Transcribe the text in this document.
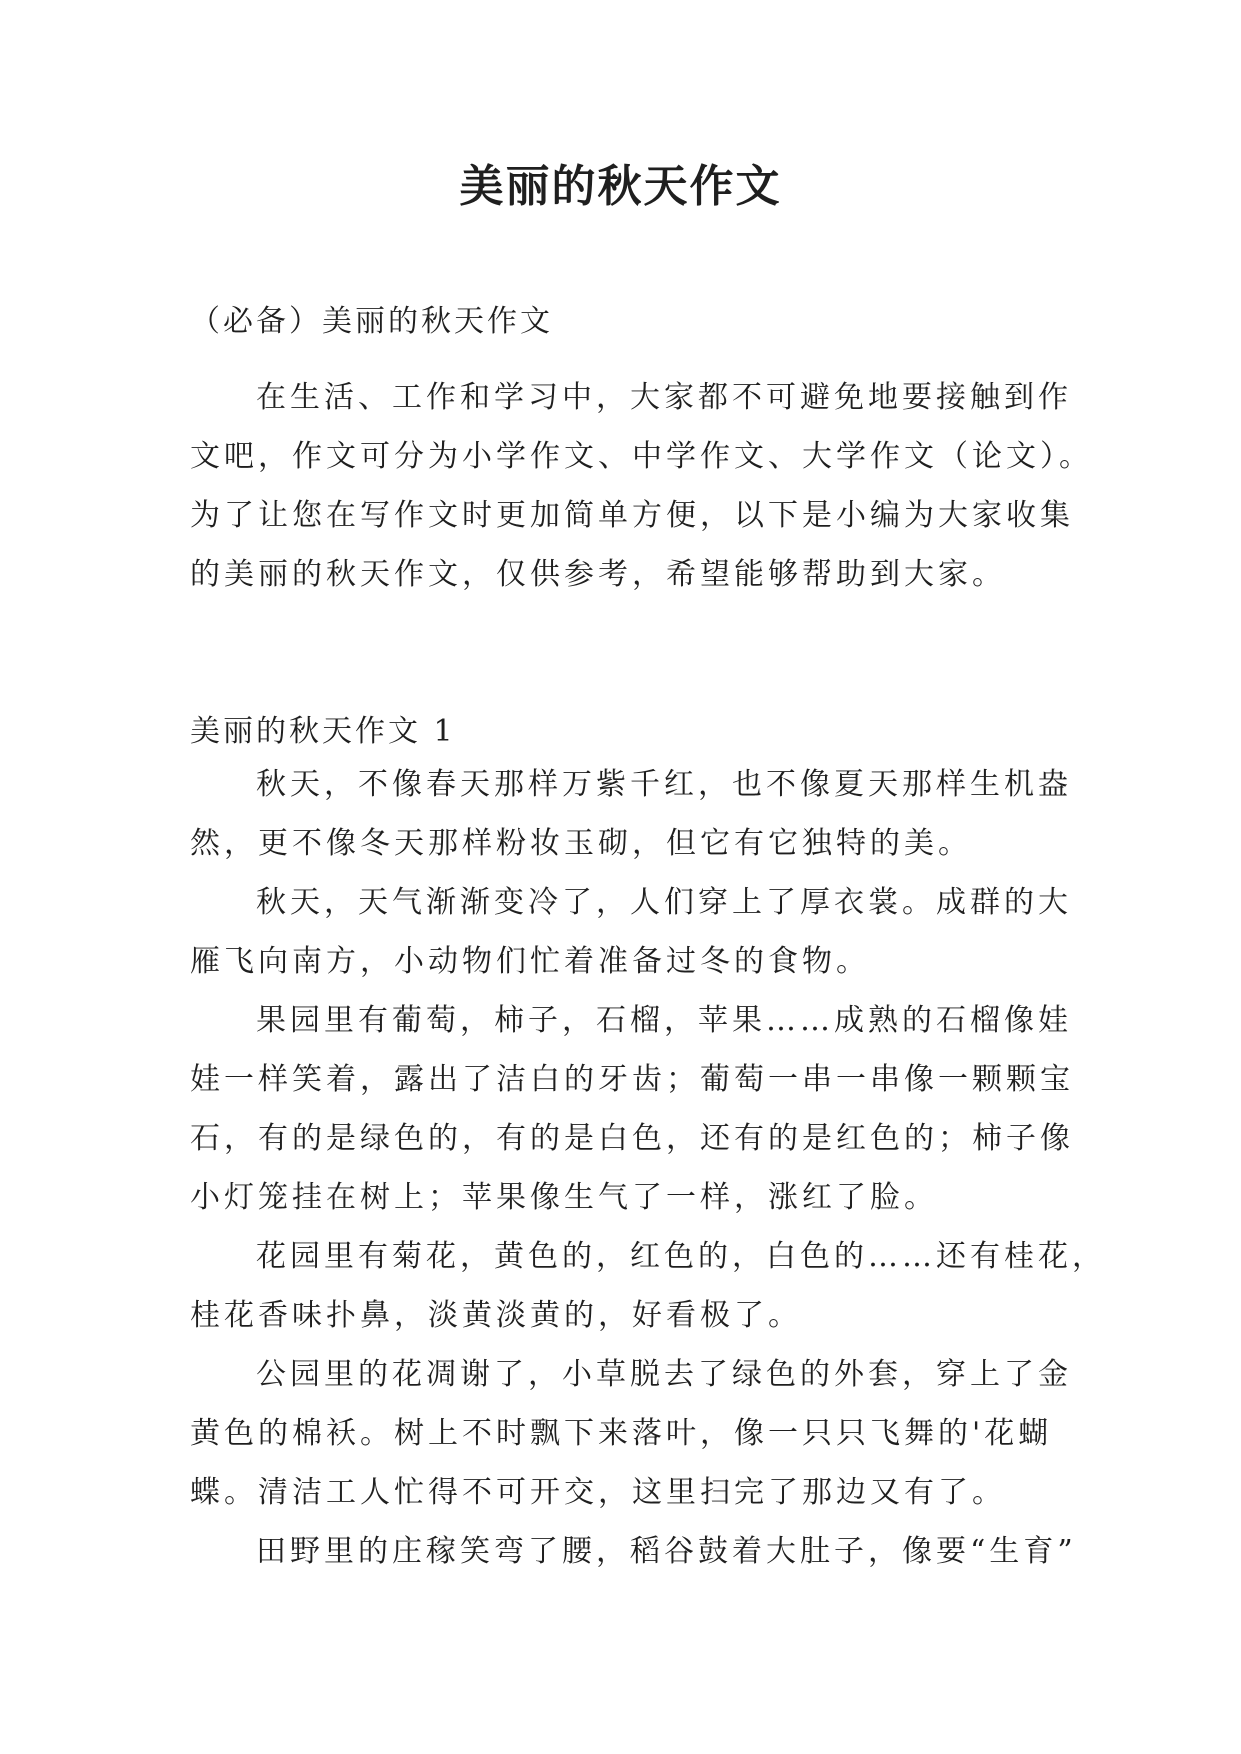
美丽的秋天作文
（必备）美丽的秋天作文
在生活、工作和学习中，大家都不可避免地要接触到作
文吧，作文可分为小学作文、中学作文、大学作文（论文）。
为了让您在写作文时更加简单方便，以下是小编为大家收集
的美丽的秋天作文，仅供参考，希望能够帮助到大家。
美丽的秋天作文 1
秋天，不像春天那样万紫千红，也不像夏天那样生机盎
然，更不像冬天那样粉妆玉砌，但它有它独特的美。
秋天，天气渐渐变冷了，人们穿上了厚衣裳。成群的大
雁飞向南方，小动物们忙着准备过冬的食物。
果园里有葡萄，柿子，石榴，苹果……成熟的石榴像娃
娃一样笑着，露出了洁白的牙齿；葡萄一串一串像一颗颗宝
石，有的是绿色的，有的是白色，还有的是红色的；柿子像
小灯笼挂在树上；苹果像生气了一样，涨红了脸。
花园里有菊花，黄色的，红色的，白色的……还有桂花，
桂花香味扑鼻，淡黄淡黄的，好看极了。
公园里的花凋谢了，小草脱去了绿色的外套，穿上了金
黄色的棉袄。树上不时飘下来落叶，像一只只飞舞的'花蝴
蝶。清洁工人忙得不可开交，这里扫完了那边又有了。
田野里的庄稼笑弯了腰，稻谷鼓着大肚子，像要“生育”
